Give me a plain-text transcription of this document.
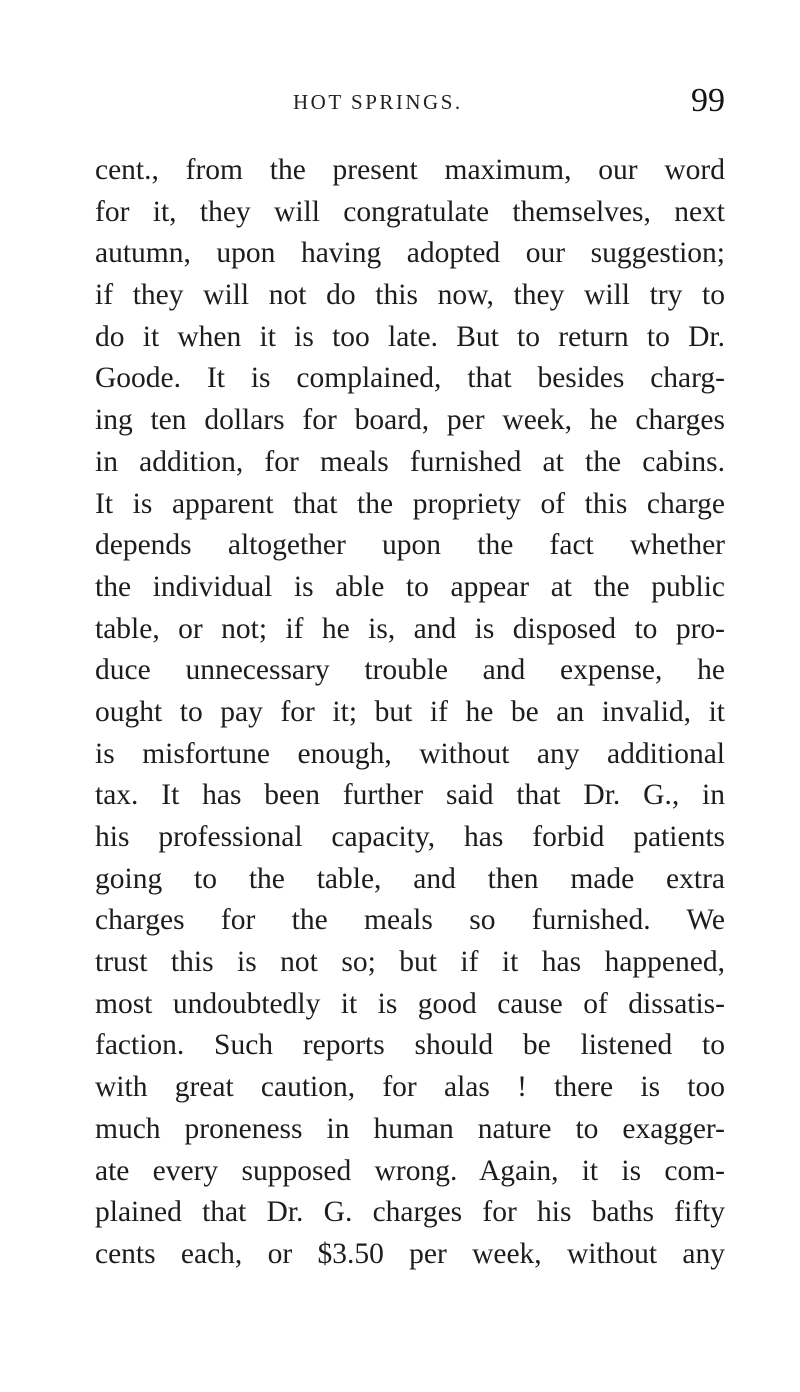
HOT SPRINGS.	99
cent., from the present maximum, our word
for it, they will congratulate themselves, next
autumn, upon having adopted our suggestion;
if they will not do this now, they will try to
do it when it is too late. But to return to Dr.
Goode. It is complained, that besides charg-
ing ten dollars for board, per week, he charges
in addition, for meals furnished at the cabins.
It is apparent that the propriety of this charge
depends altogether upon the fact whether
the individual is able to appear at the public
table, or not; if he is, and is disposed to pro-
duce unnecessary trouble and expense, he
ought to pay for it; but if he be an invalid, it
is misfortune enough, without any additional
tax. It has been further said that Dr. G., in
his professional capacity, has forbid patients
going to the table, and then made extra
charges for the meals so furnished. We
trust this is not so; but if it has happened,
most undoubtedly it is good cause of dissatis-
faction. Such reports should be listened to
with great caution, for alas ! there is too
much proneness in human nature to exagger-
ate every supposed wrong. Again, it is com-
plained that Dr. G. charges for his baths fifty
cents each, or $3.50 per week, without any
